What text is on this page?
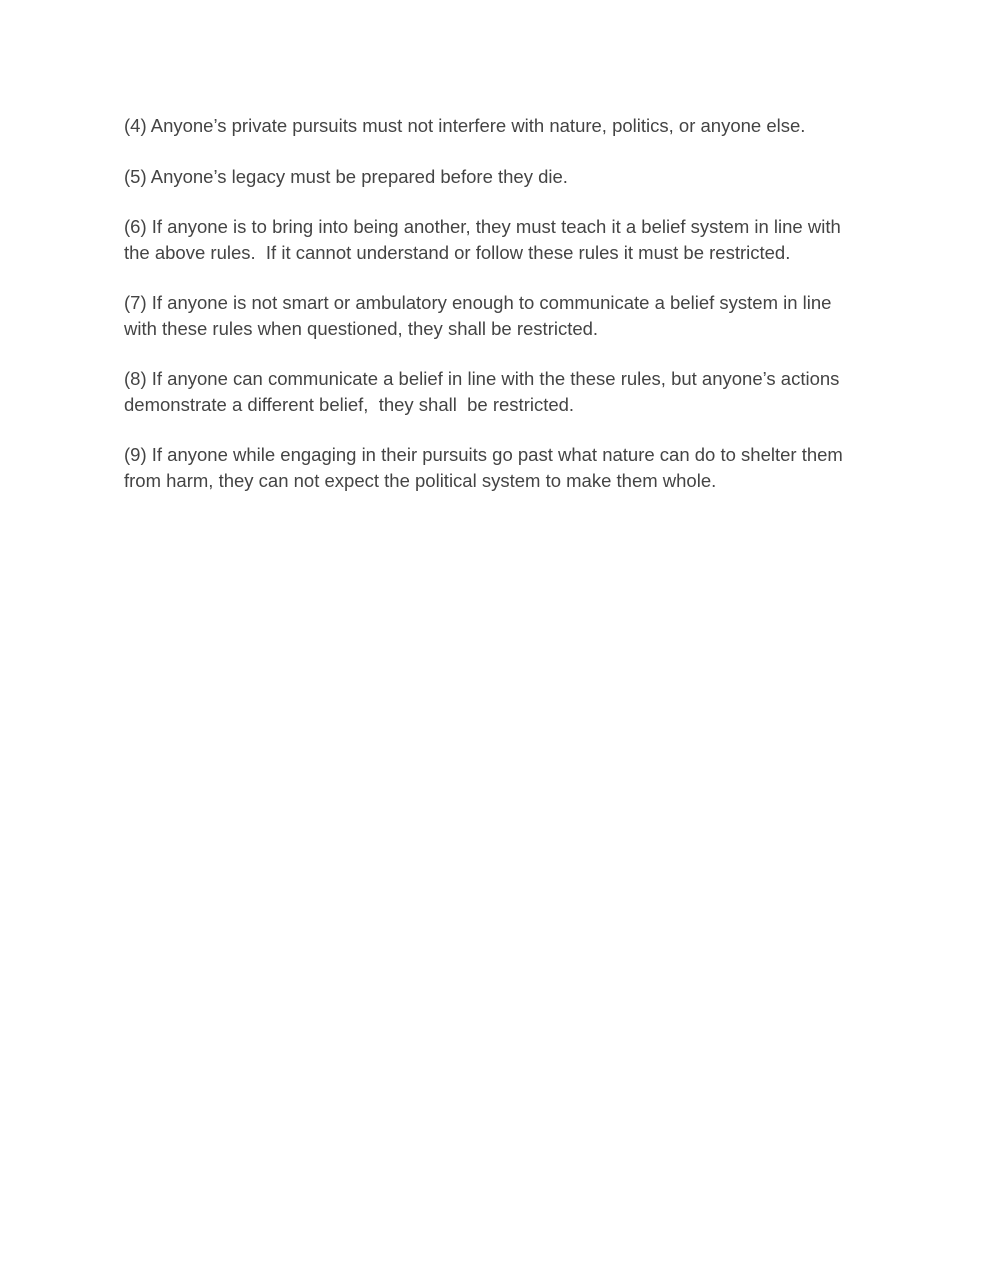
(4) Anyone’s private pursuits must not interfere with nature, politics, or anyone else.

(5) Anyone’s legacy must be prepared before they die.

(6) If anyone is to bring into being another, they must teach it a belief system in line with the above rules.  If it cannot understand or follow these rules it must be restricted.

(7) If anyone is not smart or ambulatory enough to communicate a belief system in line with these rules when questioned, they shall be restricted.

(8) If anyone can communicate a belief in line with the these rules, but anyone’s actions demonstrate a different belief,  they shall  be restricted.

(9) If anyone while engaging in their pursuits go past what nature can do to shelter them from harm, they can not expect the political system to make them whole.
